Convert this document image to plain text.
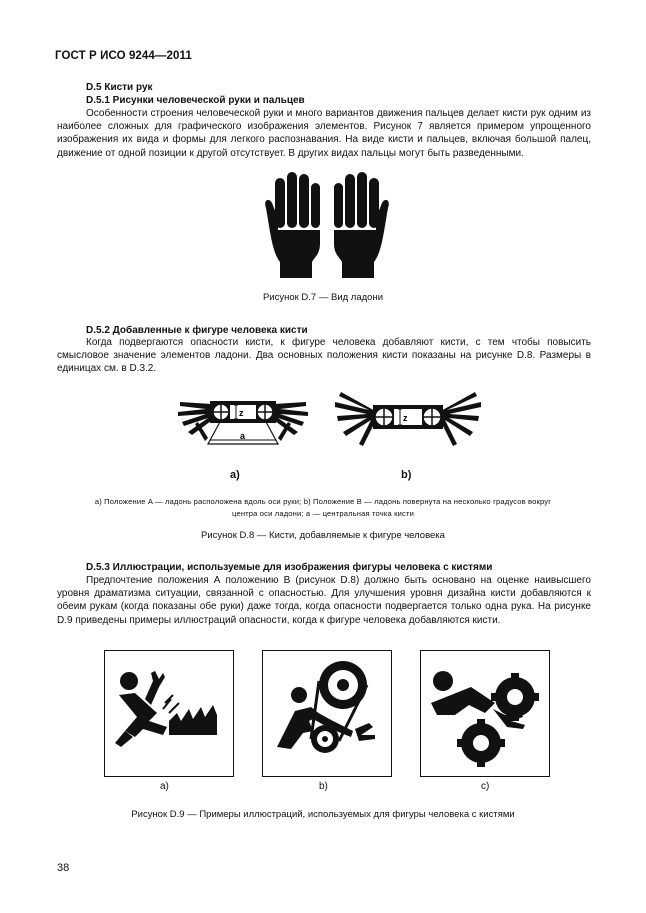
ГОСТ Р ИСО 9244—2011
D.5 Кисти рук
D.5.1 Рисунки человеческой руки и пальцев
Особенности строения человеческой руки и много вариантов движения пальцев делает кисти рук одним из наиболее сложных для графического изображения элементов. Рисунок 7 является примером упрощенного изображения их вида и формы для легкого распознавания. На виде кисти и пальцев, включая большой палец, движение от одной позиции к другой отсутствует. В других видах пальцы могут быть разведенными.
Рисунок D.7 — Вид ладони
D.5.2 Добавленные к фигуре человека кисти
Когда подвергаются опасности кисти, к фигуре человека добавляют кисти, с тем чтобы повысить смысловое значение элементов ладони. Два основных положения кисти показаны на рисунке D.8. Размеры в единицах см. в D.3.2.
z
a
a)
z
b)
а) Положение A — ладонь расположена вдоль оси руки; b) Положение B — ладонь повернута на несколько градусов вокруг
центра оси ладони; a — центральная точка кисти
Рисунок D.8 — Кисти, добавляемые к фигуре человека
D.5.3 Иллюстрации, используемые для изображения фигуры человека с кистями
Предпочтение положения А положению В (рисунок D.8) должно быть основано на оценке наивысшего уровня драматизма ситуации, связанной с опасностью. Для улучшения уровня дизайна кисти добавляются к обеим рукам (когда показаны обе руки) даже тогда, когда опасности подвергается только одна рука. На рисунке D.9 приведены примеры иллюстраций опасности, когда к фигуре человека добавляются кисти.
a)	b)	c)
Рисунок D.9 — Примеры иллюстраций, используемых для фигуры человека с кистями
38
